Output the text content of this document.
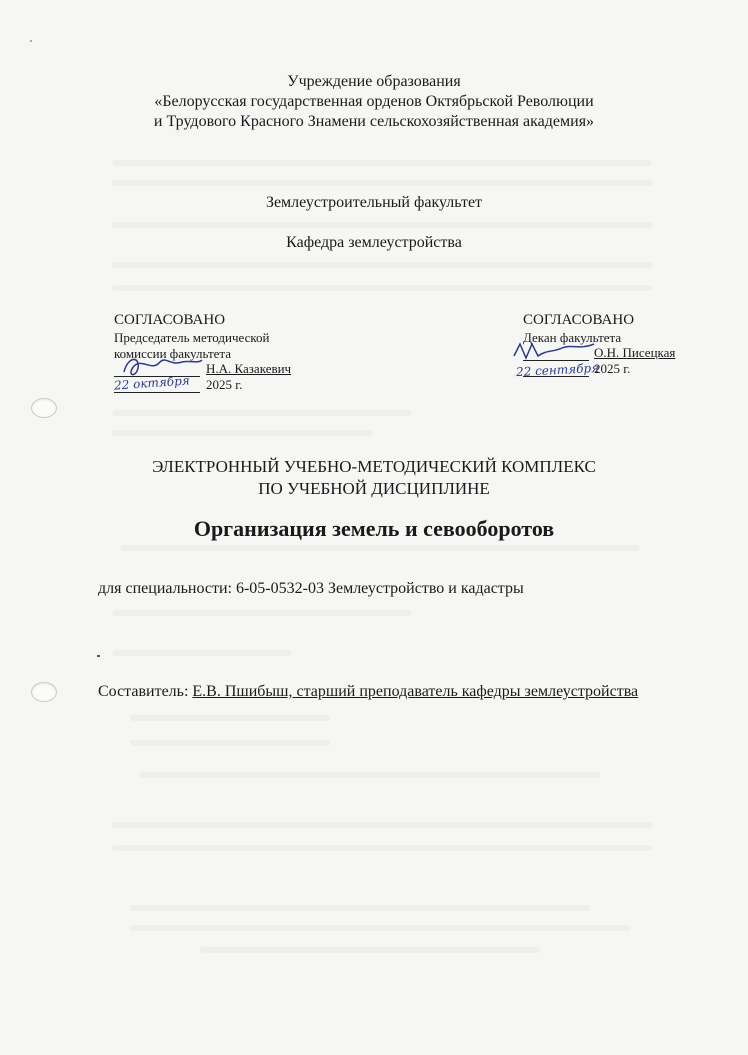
Учреждение образования
«Белорусская государственная орденов Октябрьской Революции
и Трудового Красного Знамени сельскохозяйственная академия»
Землеустроительный факультет
Кафедра землеустройства
СОГЛАСОВАНО
Председатель методической
комиссии факультета
Н.А. Казакевич
2025 г.
22 октября
СОГЛАСОВАНО
Декан факультета
О.Н. Писецкая
2025 г.
22 сентября
ЭЛЕКТРОННЫЙ УЧЕБНО-МЕТОДИЧЕСКИЙ КОМПЛЕКС
ПО УЧЕБНОЙ ДИСЦИПЛИНЕ
Организация земель и севооборотов
для специальности: 6-05-0532-03 Землеустройство и кадастры
Составитель: Е.В. Пшибыш, старший преподаватель кафедры землеустройства
